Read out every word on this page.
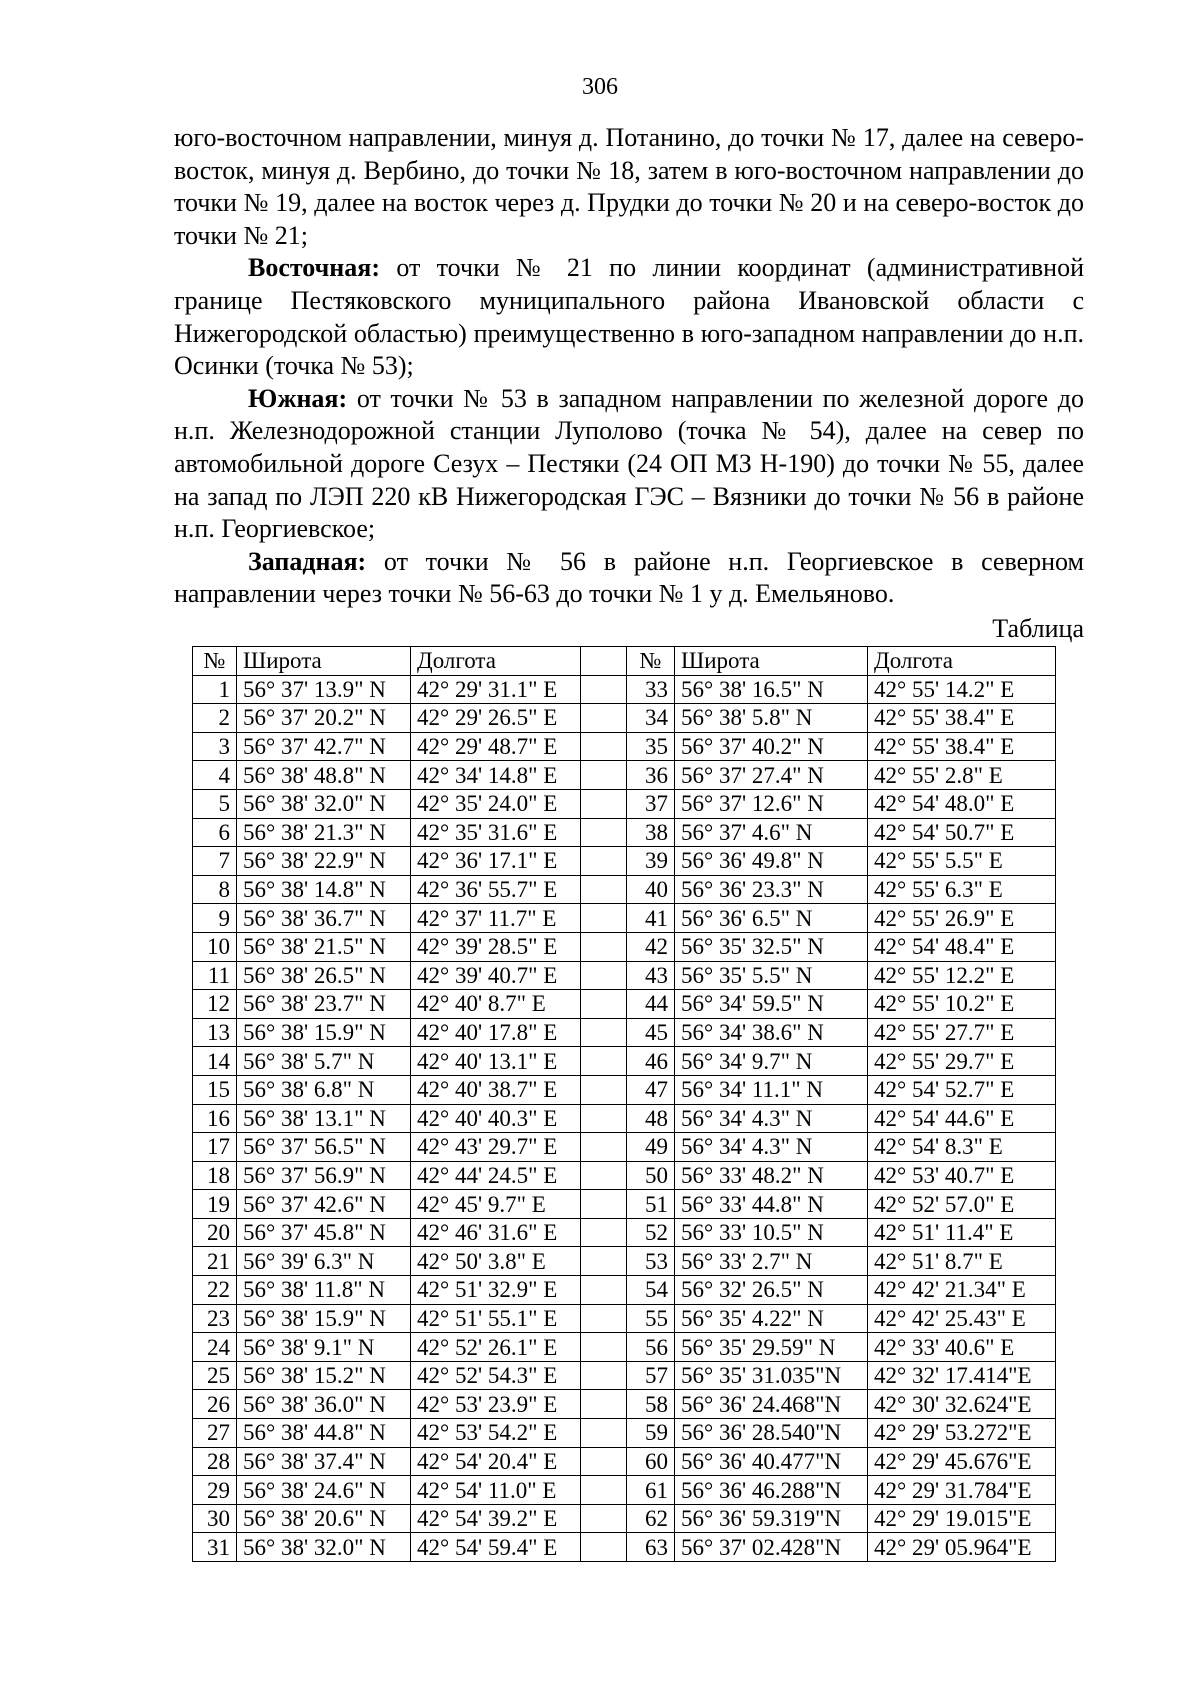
306

юго-восточном направлении, минуя д. Потанино, до точки № 17, далее на северо-восток, минуя д. Вербино, до точки № 18, затем в юго-восточном направлении до точки № 19, далее на восток через д. Прудки до точки № 20 и на северо-восток до точки № 21;

Восточная: от точки № 21 по линии координат (административной границе Пестяковского муниципального района Ивановской области с Нижегородской областью) преимущественно в юго-западном направлении до н.п. Осинки (точка № 53);

Южная: от точки № 53 в западном направлении по железной дороге до н.п. Железнодорожной станции Луполово (точка № 54), далее на север по автомобильной дороге Сезух – Пестяки (24 ОП МЗ Н-190) до точки № 55, далее на запад по ЛЭП 220 кВ Нижегородская ГЭС – Вязники до точки № 56 в районе н.п. Георгиевское;

Западная: от точки № 56 в районе н.п. Георгиевское в северном направлении через точки № 56-63 до точки № 1 у д. Емельяново.

Таблица
№	Широта	Долгота		№	Широта	Долгота
1	56° 37' 13.9" N	42° 29' 31.1" E		33	56° 38' 16.5" N	42° 55' 14.2" E
2	56° 37' 20.2" N	42° 29' 26.5" E		34	56° 38' 5.8" N	42° 55' 38.4" E
3	56° 37' 42.7" N	42° 29' 48.7" E		35	56° 37' 40.2" N	42° 55' 38.4" E
4	56° 38' 48.8" N	42° 34' 14.8" E		36	56° 37' 27.4" N	42° 55' 2.8" E
5	56° 38' 32.0" N	42° 35' 24.0" E		37	56° 37' 12.6" N	42° 54' 48.0" E
6	56° 38' 21.3" N	42° 35' 31.6" E		38	56° 37' 4.6" N	42° 54' 50.7" E
7	56° 38' 22.9" N	42° 36' 17.1" E		39	56° 36' 49.8" N	42° 55' 5.5" E
8	56° 38' 14.8" N	42° 36' 55.7" E		40	56° 36' 23.3" N	42° 55' 6.3" E
9	56° 38' 36.7" N	42° 37' 11.7" E		41	56° 36' 6.5" N	42° 55' 26.9" E
10	56° 38' 21.5" N	42° 39' 28.5" E		42	56° 35' 32.5" N	42° 54' 48.4" E
11	56° 38' 26.5" N	42° 39' 40.7" E		43	56° 35' 5.5" N	42° 55' 12.2" E
12	56° 38' 23.7" N	42° 40' 8.7" E		44	56° 34' 59.5" N	42° 55' 10.2" E
13	56° 38' 15.9" N	42° 40' 17.8" E		45	56° 34' 38.6" N	42° 55' 27.7" E
14	56° 38' 5.7" N	42° 40' 13.1" E		46	56° 34' 9.7" N	42° 55' 29.7" E
15	56° 38' 6.8" N	42° 40' 38.7" E		47	56° 34' 11.1" N	42° 54' 52.7" E
16	56° 38' 13.1" N	42° 40' 40.3" E		48	56° 34' 4.3" N	42° 54' 44.6" E
17	56° 37' 56.5" N	42° 43' 29.7" E		49	56° 34' 4.3" N	42° 54' 8.3" E
18	56° 37' 56.9" N	42° 44' 24.5" E		50	56° 33' 48.2" N	42° 53' 40.7" E
19	56° 37' 42.6" N	42° 45' 9.7" E		51	56° 33' 44.8" N	42° 52' 57.0" E
20	56° 37' 45.8" N	42° 46' 31.6" E		52	56° 33' 10.5" N	42° 51' 11.4" E
21	56° 39' 6.3" N	42° 50' 3.8" E		53	56° 33' 2.7" N	42° 51' 8.7" E
22	56° 38' 11.8" N	42° 51' 32.9" E		54	56° 32' 26.5" N	42° 42' 21.34" E
23	56° 38' 15.9" N	42° 51' 55.1" E		55	56° 35' 4.22" N	42° 42' 25.43" E
24	56° 38' 9.1" N	42° 52' 26.1" E		56	56° 35' 29.59" N	42° 33' 40.6" E
25	56° 38' 15.2" N	42° 52' 54.3" E		57	56° 35' 31.035"N	42° 32' 17.414"E
26	56° 38' 36.0" N	42° 53' 23.9" E		58	56° 36' 24.468"N	42° 30' 32.624"E
27	56° 38' 44.8" N	42° 53' 54.2" E		59	56° 36' 28.540"N	42° 29' 53.272"E
28	56° 38' 37.4" N	42° 54' 20.4" E		60	56° 36' 40.477"N	42° 29' 45.676"E
29	56° 38' 24.6" N	42° 54' 11.0" E		61	56° 36' 46.288"N	42° 29' 31.784"E
30	56° 38' 20.6" N	42° 54' 39.2" E		62	56° 36' 59.319"N	42° 29' 19.015"E
31	56° 38' 32.0" N	42° 54' 59.4" E		63	56° 37' 02.428"N	42° 29' 05.964"E
